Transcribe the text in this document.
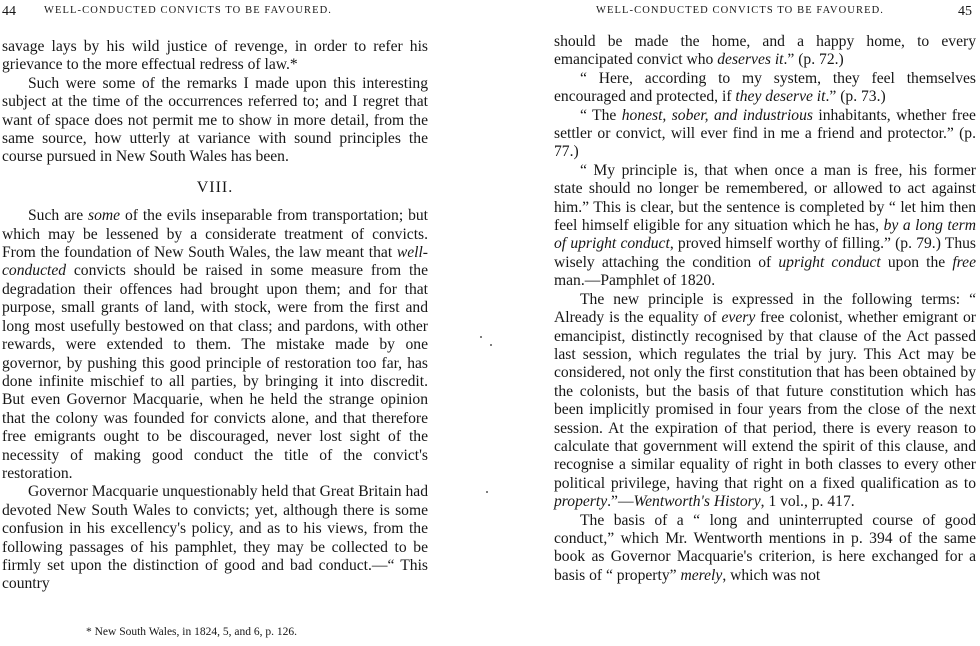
44	WELL-CONDUCTED CONVICTS TO BE FAVOURED.

savage lays by his wild justice of revenge, in order to refer his grievance to the more effectual redress of law.*

Such were some of the remarks I made upon this interesting subject at the time of the occurrences referred to; and I regret that want of space does not permit me to show in more detail, from the same source, how utterly at variance with sound principles the course pursued in New South Wales has been.

VIII.

Such are some of the evils inseparable from transportation; but which may be lessened by a considerate treatment of convicts. From the foundation of New South Wales, the law meant that well-conducted convicts should be raised in some measure from the degradation their offences had brought upon them; and for that purpose, small grants of land, with stock, were from the first and long most usefully bestowed on that class; and pardons, with other rewards, were extended to them. The mistake made by one governor, by pushing this good principle of restoration too far, has done infinite mischief to all parties, by bringing it into discredit. But even Governor Macquarie, when he held the strange opinion that the colony was founded for convicts alone, and that therefore free emigrants ought to be discouraged, never lost sight of the necessity of making good conduct the title of the convict's restoration.

Governor Macquarie unquestionably held that Great Britain had devoted New South Wales to convicts; yet, although there is some confusion in his excellency's policy, and as to his views, from the following passages of his pamphlet, they may be collected to be firmly set upon the distinction of good and bad conduct.—“ This country

* New South Wales, in 1824, 5, and 6, p. 126.
WELL-CONDUCTED CONVICTS TO BE FAVOURED.	45

should be made the home, and a happy home, to every emancipated convict who deserves it.” (p. 72.)

“ Here, according to my system, they feel themselves encouraged and protected, if they deserve it.” (p. 73.)

“ The honest, sober, and industrious inhabitants, whether free settler or convict, will ever find in me a friend and protector.” (p. 77.)

“ My principle is, that when once a man is free, his former state should no longer be remembered, or allowed to act against him.” This is clear, but the sentence is completed by “ let him then feel himself eligible for any situation which he has, by a long term of upright conduct, proved himself worthy of filling.” (p. 79.) Thus wisely attaching the condition of upright conduct upon the free man.—Pamphlet of 1820.

The new principle is expressed in the following terms: “ Already is the equality of every free colonist, whether emigrant or emancipist, distinctly recognised by that clause of the Act passed last session, which regulates the trial by jury. This Act may be considered, not only the first constitution that has been obtained by the colonists, but the basis of that future constitution which has been implicitly promised in four years from the close of the next session. At the expiration of that period, there is every reason to calculate that government will extend the spirit of this clause, and recognise a similar equality of right in both classes to every other political privilege, having that right on a fixed qualification as to property.”—Wentworth's History, 1 vol., p. 417.

The basis of a “ long and uninterrupted course of good conduct,” which Mr. Wentworth mentions in p. 394 of the same book as Governor Macquarie's criterion, is here exchanged for a basis of “ property” merely, which was not
